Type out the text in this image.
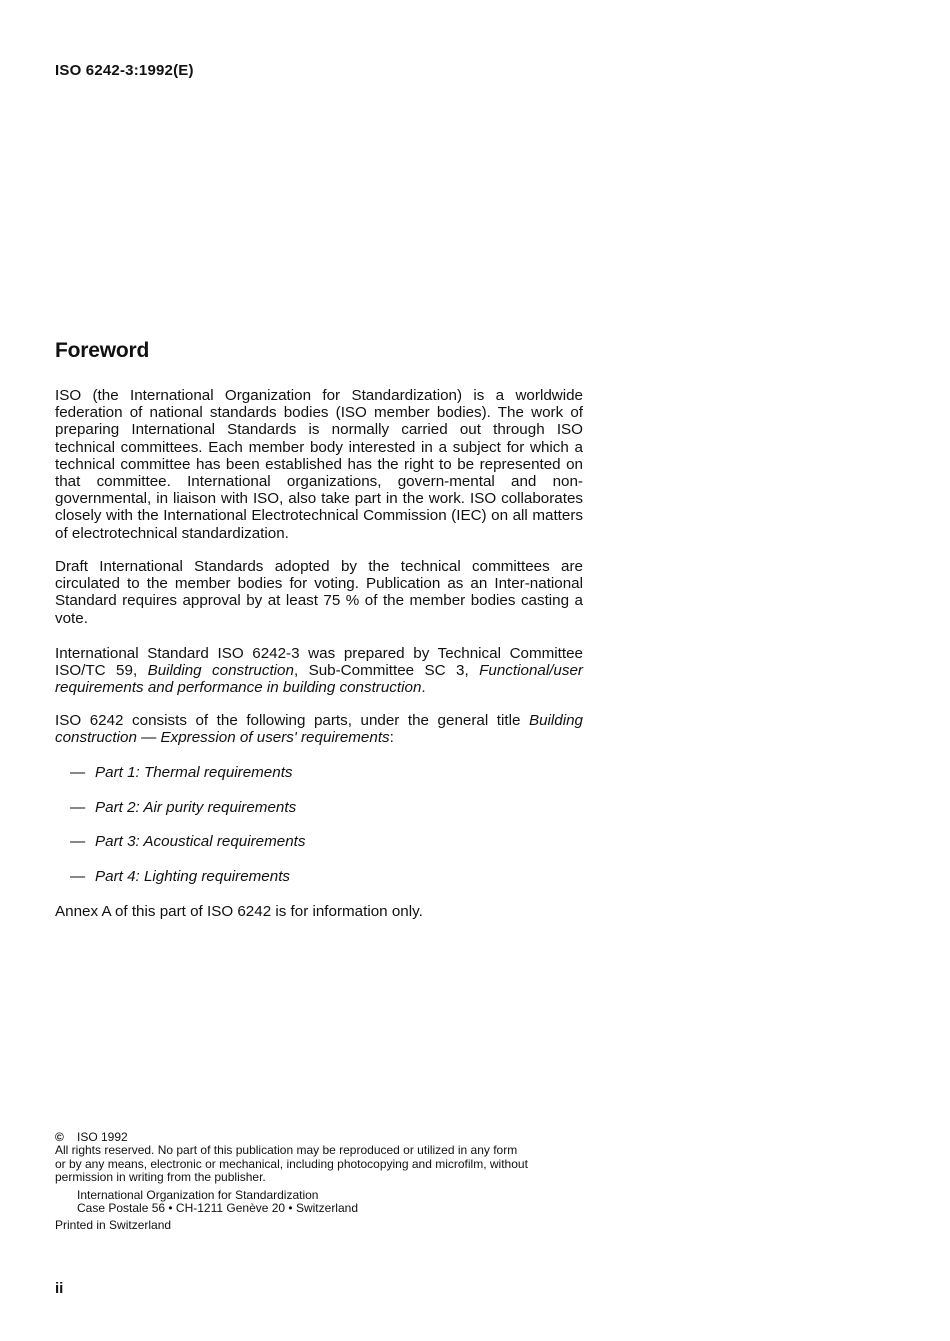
ISO 6242-3:1992(E)
Foreword

ISO (the International Organization for Standardization) is a worldwide federation of national standards bodies (ISO member bodies). The work of preparing International Standards is normally carried out through ISO technical committees. Each member body interested in a subject for which a technical committee has been established has the right to be represented on that committee. International organizations, govern-mental and non-governmental, in liaison with ISO, also take part in the work. ISO collaborates closely with the International Electrotechnical Commission (IEC) on all matters of electrotechnical standardization.

Draft International Standards adopted by the technical committees are circulated to the member bodies for voting. Publication as an Inter-national Standard requires approval by at least 75 % of the member bodies casting a vote.

International Standard ISO 6242-3 was prepared by Technical Committee ISO/TC 59, Building construction, Sub-Committee SC 3, Functional/user requirements and performance in building construction.

ISO 6242 consists of the following parts, under the general title Building construction — Expression of users' requirements:

— Part 1: Thermal requirements
— Part 2: Air purity requirements
— Part 3: Acoustical requirements
— Part 4: Lighting requirements
Annex A of this part of ISO 6242 is for information only.
© ISO 1992
All rights reserved. No part of this publication may be reproduced or utilized in any form
or by any means, electronic or mechanical, including photocopying and microfilm, without
permission in writing from the publisher.
International Organization for Standardization
Case Postale 56 • CH-1211 Genève 20 • Switzerland
Printed in Switzerland
ii
